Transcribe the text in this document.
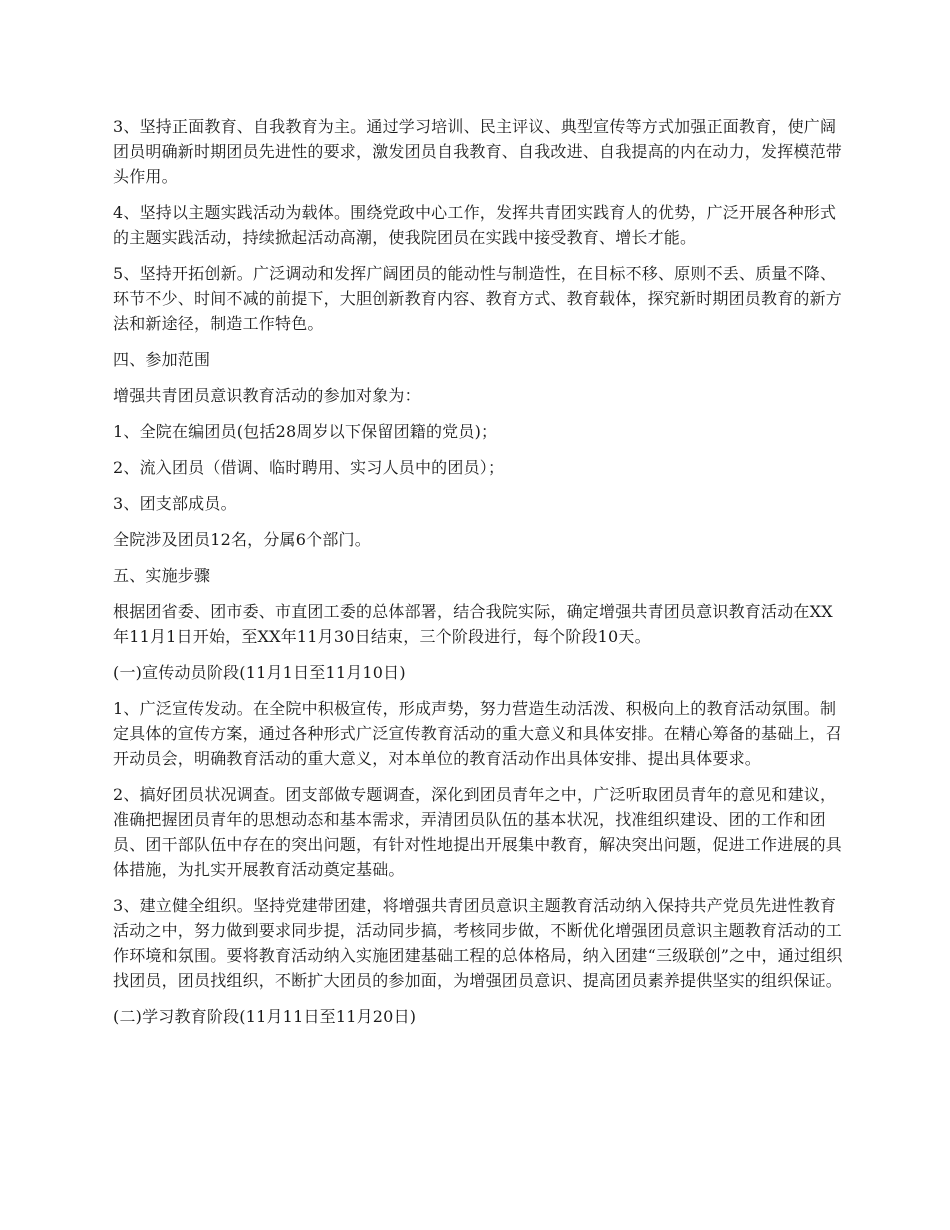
3、坚持正面教育、自我教育为主。通过学习培训、民主评议、典型宣传等方式加强正面教育，使广阔团员明确新时期团员先进性的要求，激发团员自我教育、自我改进、自我提高的内在动力，发挥模范带头作用。

4、坚持以主题实践活动为载体。围绕党政中心工作，发挥共青团实践育人的优势，广泛开展各种形式的主题实践活动，持续掀起活动高潮，使我院团员在实践中接受教育、增长才能。

5、坚持开拓创新。广泛调动和发挥广阔团员的能动性与制造性，在目标不移、原则不丢、质量不降、环节不少、时间不减的前提下，大胆创新教育内容、教育方式、教育载体，探究新时期团员教育的新方法和新途径，制造工作特色。

四、参加范围

增强共青团员意识教育活动的参加对象为：

1、全院在编团员(包括28周岁以下保留团籍的党员)；

2、流入团员（借调、临时聘用、实习人员中的团员）；

3、团支部成员。

全院涉及团员12名，分属6个部门。

五、实施步骤

根据团省委、团市委、市直团工委的总体部署，结合我院实际，确定增强共青团员意识教育活动在XX年11月1日开始，至XX年11月30日结束，三个阶段进行，每个阶段10天。

(一)宣传动员阶段(11月1日至11月10日)

1、广泛宣传发动。在全院中积极宣传，形成声势，努力营造生动活泼、积极向上的教育活动氛围。制定具体的宣传方案，通过各种形式广泛宣传教育活动的重大意义和具体安排。在精心筹备的基础上，召开动员会，明确教育活动的重大意义，对本单位的教育活动作出具体安排、提出具体要求。

2、搞好团员状况调查。团支部做专题调查，深化到团员青年之中，广泛听取团员青年的意见和建议，准确把握团员青年的思想动态和基本需求，弄清团员队伍的基本状况，找准组织建设、团的工作和团员、团干部队伍中存在的突出问题，有针对性地提出开展集中教育，解决突出问题，促进工作进展的具体措施，为扎实开展教育活动奠定基础。

3、建立健全组织。坚持党建带团建，将增强共青团员意识主题教育活动纳入保持共产党员先进性教育活动之中，努力做到要求同步提，活动同步搞，考核同步做，不断优化增强团员意识主题教育活动的工作环境和氛围。要将教育活动纳入实施团建基础工程的总体格局，纳入团建“三级联创”之中，通过组织找团员，团员找组织，不断扩大团员的参加面，为增强团员意识、提高团员素养提供坚实的组织保证。

(二)学习教育阶段(11月11日至11月20日)
